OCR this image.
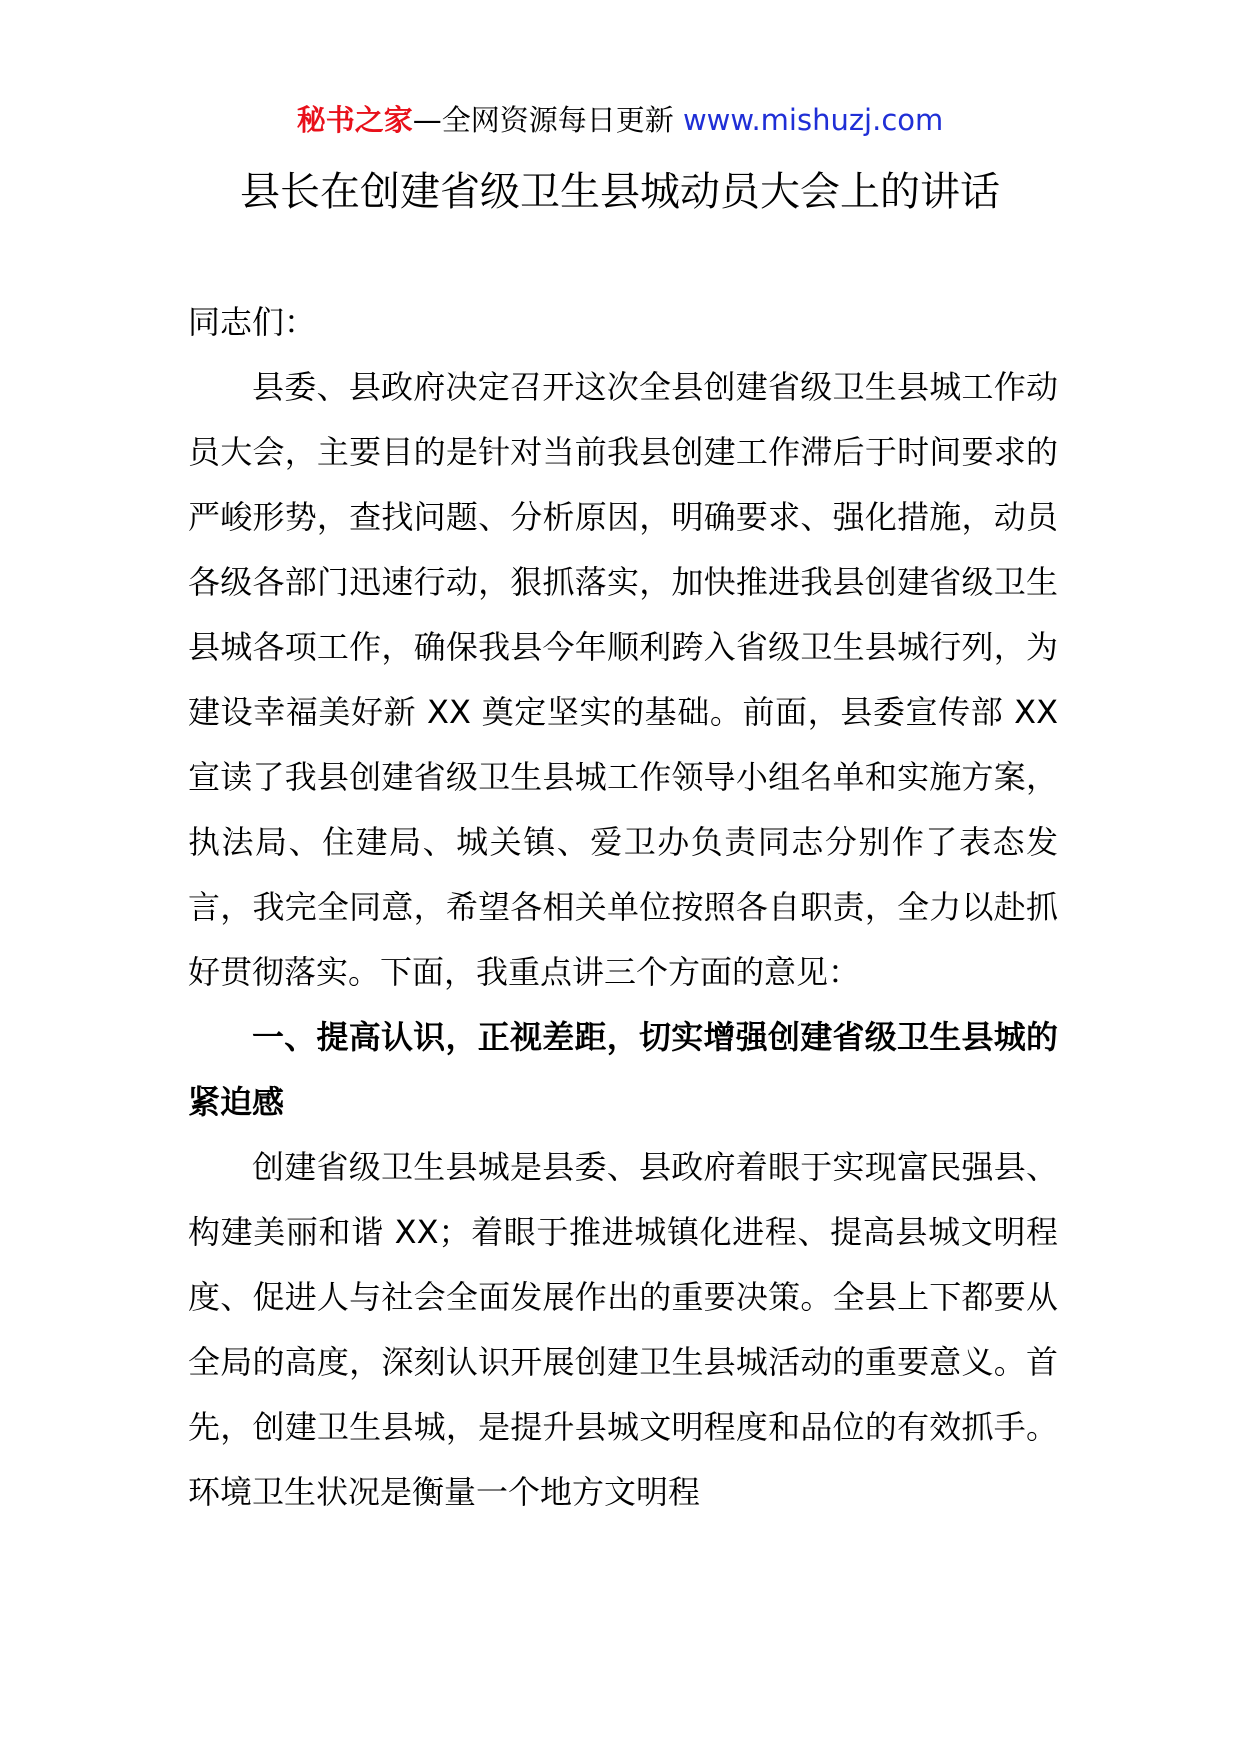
秘书之家—全网资源每日更新 www.mishuzj.com
县长在创建省级卫生县城动员大会上的讲话

同志们：

县委、县政府决定召开这次全县创建省级卫生县城工作动员大会，主要目的是针对当前我县创建工作滞后于时间要求的严峻形势，查找问题、分析原因，明确要求、强化措施，动员各级各部门迅速行动，狠抓落实，加快推进我县创建省级卫生县城各项工作，确保我县今年顺利跨入省级卫生县城行列，为建设幸福美好新 XX 奠定坚实的基础。前面，县委宣传部 XX 宣读了我县创建省级卫生县城工作领导小组名单和实施方案，执法局、住建局、城关镇、爱卫办负责同志分别作了表态发言，我完全同意，希望各相关单位按照各自职责，全力以赴抓好贯彻落实。下面，我重点讲三个方面的意见：

一、提高认识，正视差距，切实增强创建省级卫生县城的紧迫感

创建省级卫生县城是县委、县政府着眼于实现富民强县、构建美丽和谐 XX；着眼于推进城镇化进程、提高县城文明程度、促进人与社会全面发展作出的重要决策。全县上下都要从全局的高度，深刻认识开展创建卫生县城活动的重要意义。首先，创建卫生县城，是提升县城文明程度和品位的有效抓手。环境卫生状况是衡量一个地方文明程
